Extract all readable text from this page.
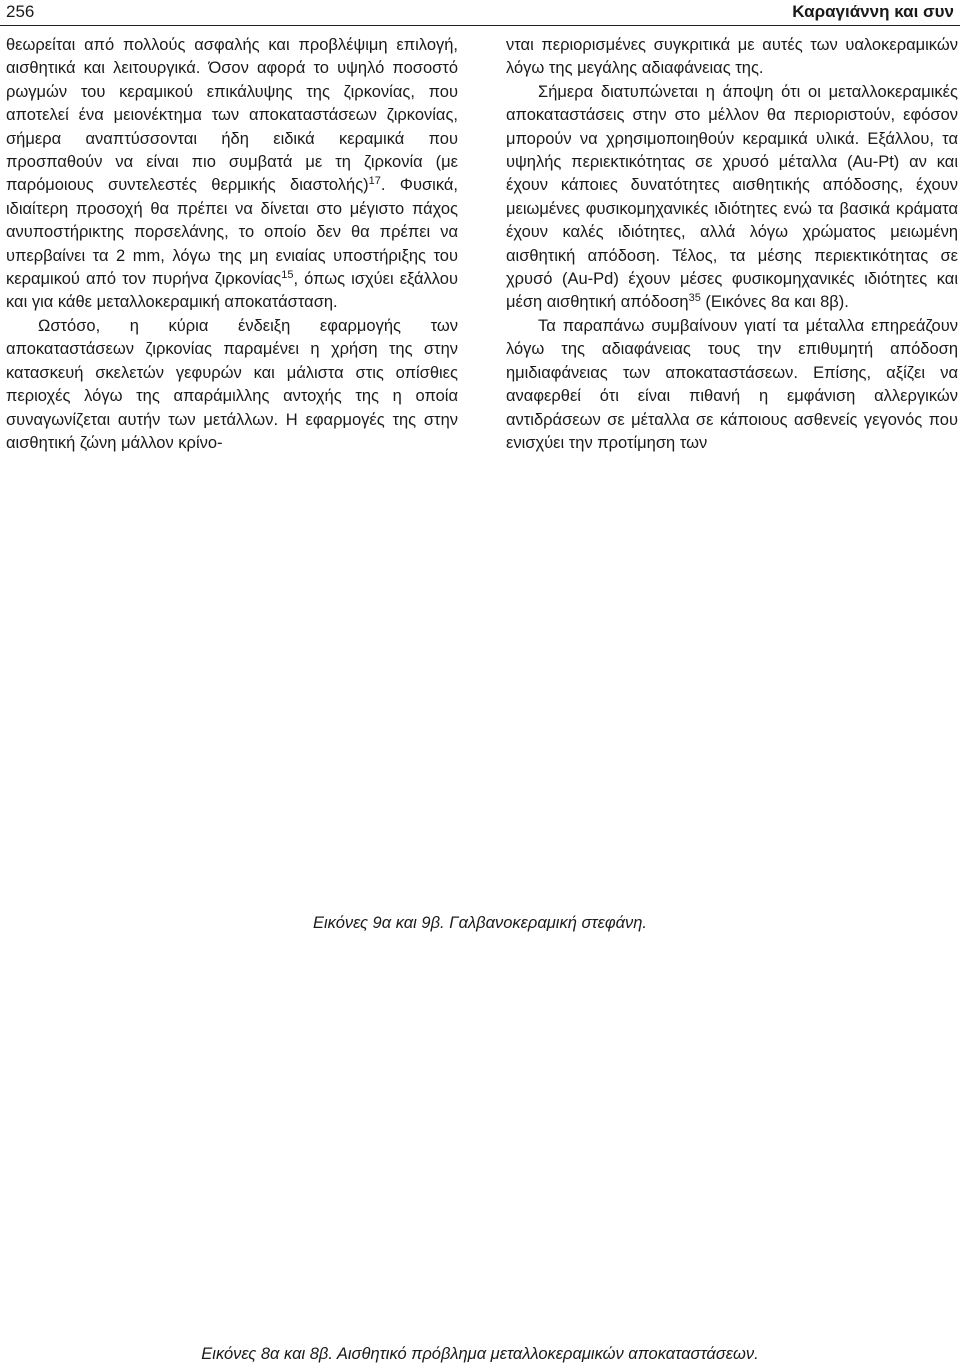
256	Καραγιάννη και συν

θεωρείται από πολλούς ασφαλής και προβλέψιμη επιλογή, αισθητικά και λειτουργικά. Όσον αφορά το υψηλό ποσοστό ρωγμών του κεραμικού επικάλυψης της ζιρκονίας, που αποτελεί ένα μειονέκτημα των αποκαταστάσεων ζιρκονίας, σήμερα αναπτύσσονται ήδη ειδικά κεραμικά που προσπαθούν να είναι πιο συμβατά με τη ζιρκονία (με παρόμοιους συντελεστές θερμικής διαστολής)$^{17}$. Φυσικά, ιδιαίτερη προσοχή θα πρέπει να δίνεται στο μέγιστο πάχος ανυποστήρικτης πορσελάνης, το οποίο δεν θα πρέπει να υπερβαίνει τα 2 mm, λόγω της μη ενιαίας υποστήριξης του κεραμικού από τον πυρήνα ζιρκονίας$^{15}$, όπως ισχύει εξάλλου και για κάθε μεταλλοκεραμική αποκατάσταση.

Ωστόσο, η κύρια ένδειξη εφαρμογής των αποκαταστάσεων ζιρκονίας παραμένει η χρήση της στην κατασκευή σκελετών γεφυρών και μάλιστα στις οπίσθιες περιοχές λόγω της απαράμιλλης αντοχής της η οποία συναγωνίζεται αυτήν των μετάλλων. Η εφαρμογές της στην αισθητική ζώνη μάλλον κρίνο-

νται περιορισμένες συγκριτικά με αυτές των υαλοκεραμικών λόγω της μεγάλης αδιαφάνειας της.

Σήμερα διατυπώνεται η άποψη ότι οι μεταλλοκεραμικές αποκαταστάσεις στην στο μέλλον θα περιοριστούν, εφόσον μπορούν να χρησιμοποιηθούν κεραμικά υλικά. Εξάλλου, τα υψηλής περιεκτικότητας σε χρυσό μέταλλα (Au-Pt) αν και έχουν κάποιες δυνατότητες αισθητικής απόδοσης, έχουν μειωμένες φυσικομηχανικές ιδιότητες ενώ τα βασικά κράματα έχουν καλές ιδιότητες, αλλά λόγω χρώματος μειωμένη αισθητική απόδοση. Τέλος, τα μέσης περιεκτικότητας σε χρυσό (Au-Pd) έχουν μέσες φυσικομηχανικές ιδιότητες και μέση αισθητική απόδοση$^{35}$ (Εικόνες 8α και 8β).

Τα παραπάνω συμβαίνουν γιατί τα μέταλλα επηρεάζουν λόγω της αδιαφάνειας τους την επιθυμητή απόδοση ημιδιαφάνειας των αποκαταστάσεων. Επίσης, αξίζει να αναφερθεί ότι είναι πιθανή η εμφάνιση αλλεργικών αντιδράσεων σε μέταλλα σε κάποιους ασθενείς γεγονός που ενισχύει την προτίμηση των

Εικόνες 9α και 9β. Γαλβανοκεραμική στεφάνη.
Εικόνες 8α και 8β. Αισθητικό πρόβλημα μεταλλοκεραμικών αποκαταστάσεων.
